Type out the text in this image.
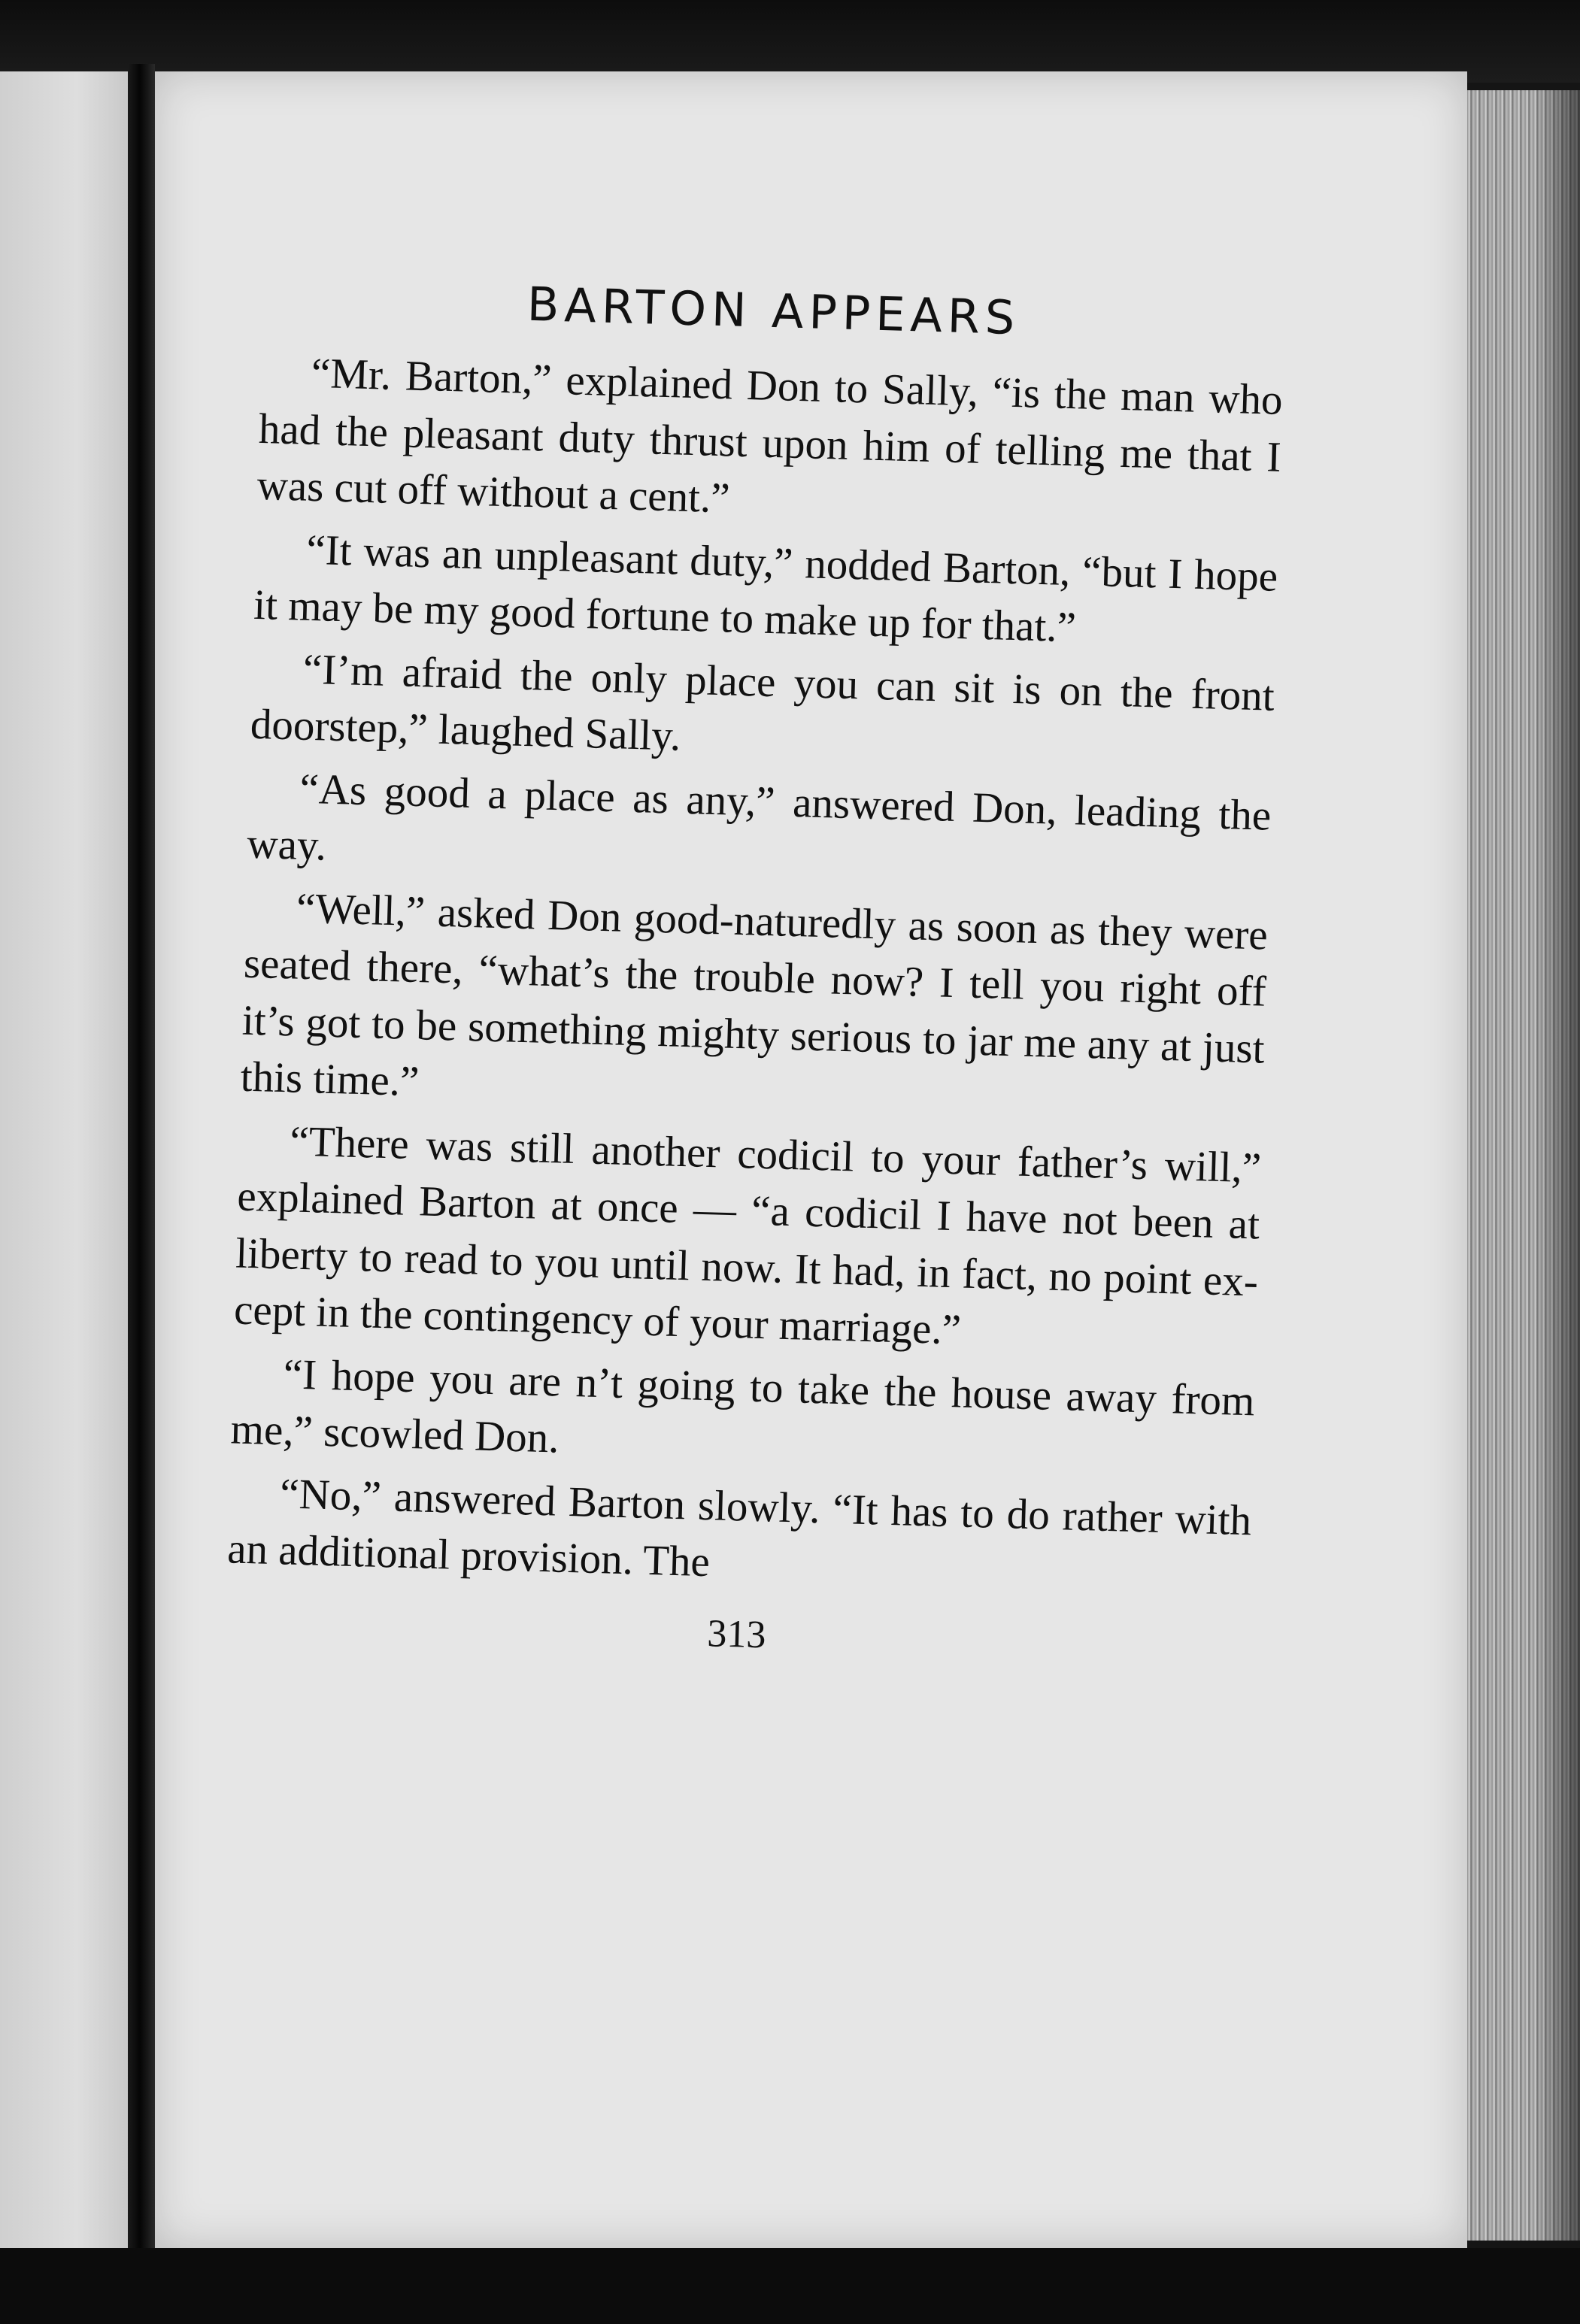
BARTON APPEARS

“Mr. Barton,” explained Don to Sally, “is the man who had the pleasant duty thrust upon him of telling me that I was cut off without a cent.”

“It was an unpleasant duty,” nodded Barton, “but I hope it may be my good fortune to make up for that.”

“I’m afraid the only place you can sit is on the front doorstep,” laughed Sally.

“As good a place as any,” answered Don, leading the way.

“Well,” asked Don good-naturedly as soon as they were seated there, “what’s the trouble now? I tell you right off it’s got to be something mighty serious to jar me any at just this time.”

“There was still another codicil to your father’s will,” explained Barton at once — “a codicil I have not been at liberty to read to you until now. It had, in fact, no point except in the contingency of your marriage.”

“I hope you are n’t going to take the house away from me,” scowled Don.

“No,” answered Barton slowly. “It has to do rather with an additional provision. The

313
